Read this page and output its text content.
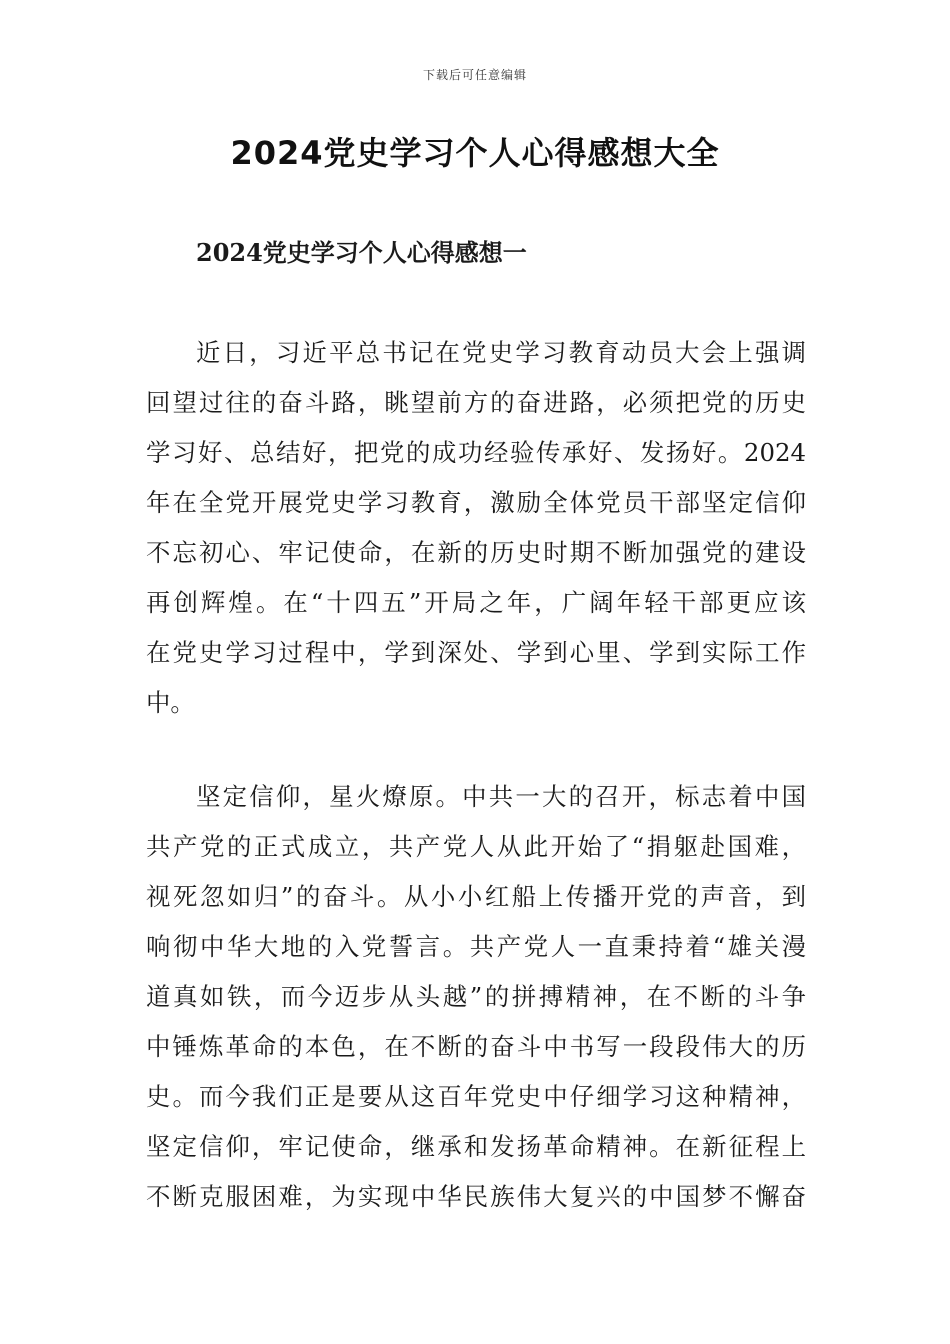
下载后可任意编辑
2024党史学习个人心得感想大全
2024党史学习个人心得感想一
近日，习近平总书记在党史学习教育动员大会上强调
回望过往的奋斗路，眺望前方的奋进路，必须把党的历史
学习好、总结好，把党的成功经验传承好、发扬好。2024
年在全党开展党史学习教育，激励全体党员干部坚定信仰
不忘初心、牢记使命，在新的历史时期不断加强党的建设
再创辉煌。在“十四五”开局之年，广阔年轻干部更应该
在党史学习过程中，学到深处、学到心里、学到实际工作
中。
坚定信仰，星火燎原。中共一大的召开，标志着中国
共产党的正式成立，共产党人从此开始了“捐躯赴国难，
视死忽如归”的奋斗。从小小红船上传播开党的声音，到
响彻中华大地的入党誓言。共产党人一直秉持着“雄关漫
道真如铁，而今迈步从头越”的拼搏精神，在不断的斗争
中锤炼革命的本色，在不断的奋斗中书写一段段伟大的历
史。而今我们正是要从这百年党史中仔细学习这种精神，
坚定信仰，牢记使命，继承和发扬革命精神。在新征程上
不断克服困难，为实现中华民族伟大复兴的中国梦不懈奋
